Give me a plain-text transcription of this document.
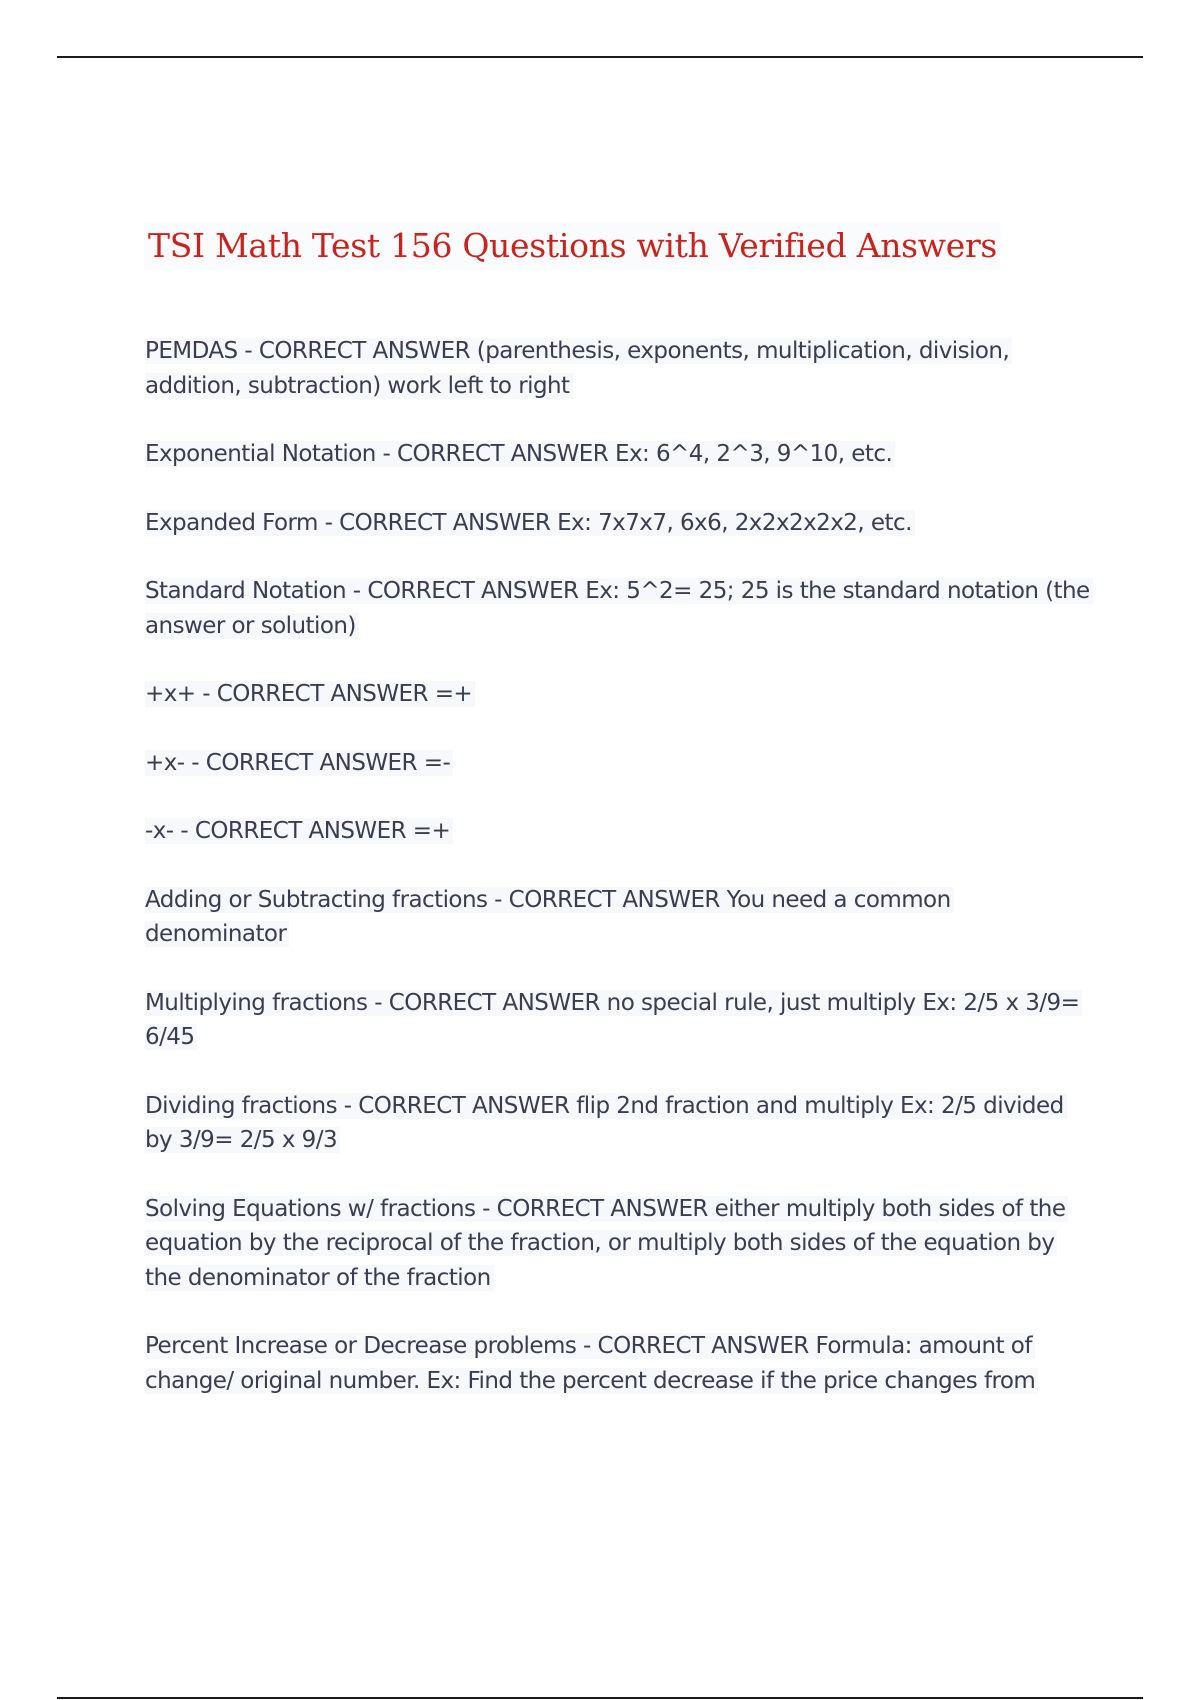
TSI Math Test 156 Questions with Verified Answers

PEMDAS - CORRECT ANSWER (parenthesis, exponents, multiplication, division, addition, subtraction) work left to right

Exponential Notation - CORRECT ANSWER Ex: 6^4, 2^3, 9^10, etc.

Expanded Form - CORRECT ANSWER Ex: 7x7x7, 6x6, 2x2x2x2x2, etc.

Standard Notation - CORRECT ANSWER Ex: 5^2= 25; 25 is the standard notation (the answer or solution)

+x+ - CORRECT ANSWER =+

+x- - CORRECT ANSWER =-

-x- - CORRECT ANSWER =+

Adding or Subtracting fractions - CORRECT ANSWER You need a common denominator

Multiplying fractions - CORRECT ANSWER no special rule, just multiply Ex: 2/5 x 3/9= 6/45

Dividing fractions - CORRECT ANSWER flip 2nd fraction and multiply Ex: 2/5 divided by 3/9= 2/5 x 9/3

Solving Equations w/ fractions - CORRECT ANSWER either multiply both sides of the equation by the reciprocal of the fraction, or multiply both sides of the equation by the denominator of the fraction

Percent Increase or Decrease problems - CORRECT ANSWER Formula: amount of change/ original number. Ex: Find the percent decrease if the price changes from
